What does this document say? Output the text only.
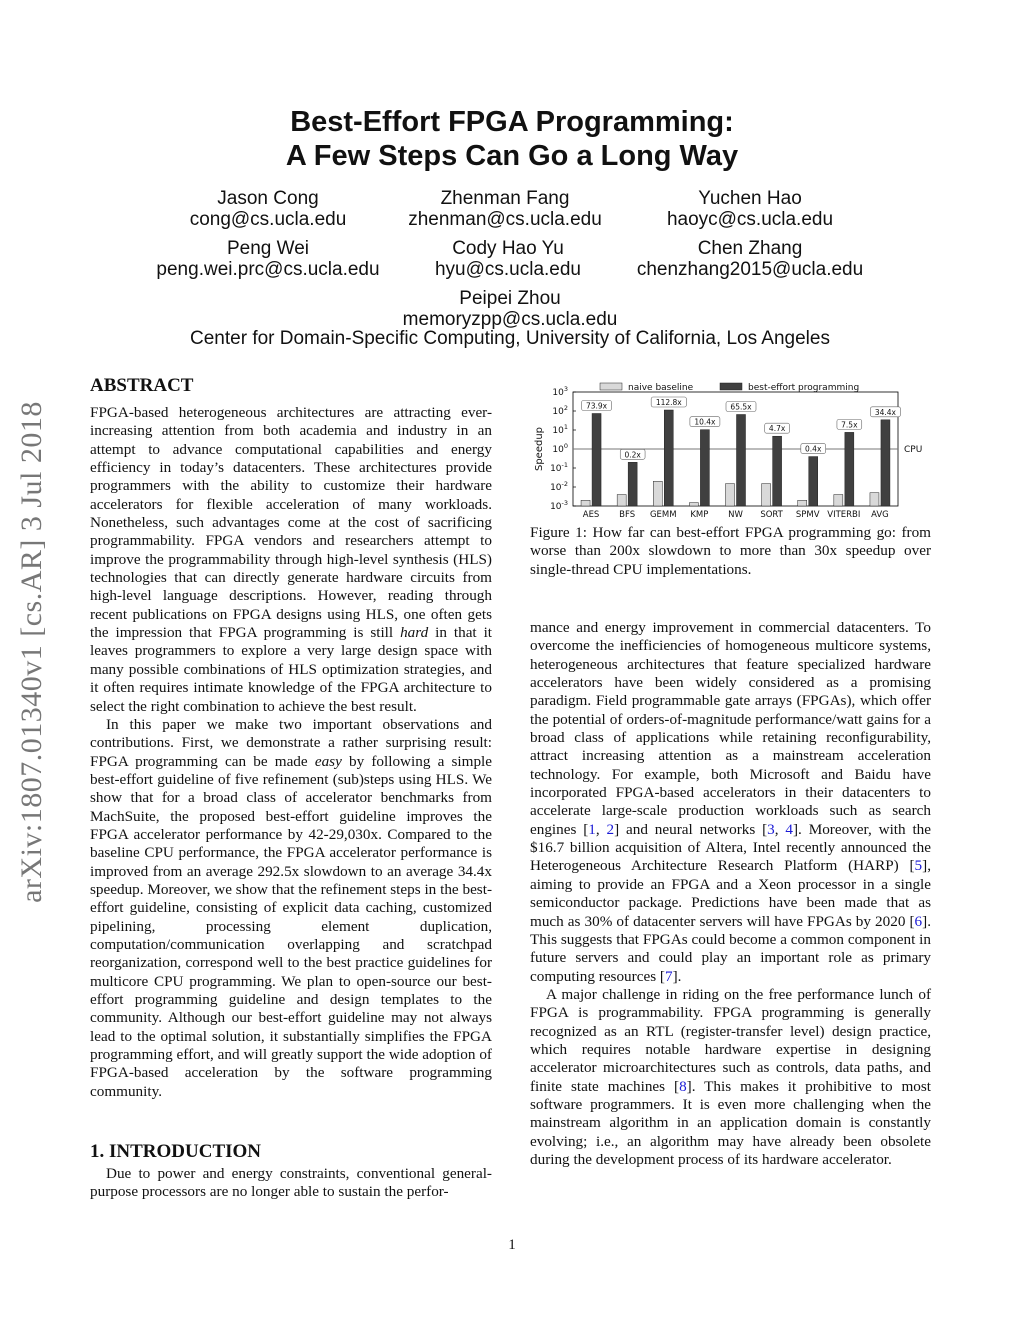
Best-Effort FPGA Programming:
A Few Steps Can Go a Long Way
Jason Cong
cong@cs.ucla.edu
Zhenman Fang
zhenman@cs.ucla.edu
Yuchen Hao
haoyc@cs.ucla.edu
Peng Wei
peng.wei.prc@cs.ucla.edu
Cody Hao Yu
hyu@cs.ucla.edu
Chen Zhang
chenzhang2015@ucla.edu
Peipei Zhou
memoryzpp@cs.ucla.edu
Center for Domain-Specific Computing, University of California, Los Angeles
arXiv:1807.01340v1 [cs.AR] 3 Jul 2018
ABSTRACT

FPGA-based heterogeneous architectures are attracting ever-increasing attention from both academia and industry in an attempt to advance computational capabilities and energy efficiency in today’s datacenters. These architectures provide programmers with the ability to customize their hardware accelerators for flexible acceleration of many workloads. Nonetheless, such advantages come at the cost of sacrificing programmability. FPGA vendors and researchers attempt to improve the programmability through high-level synthesis (HLS) technologies that can directly generate hardware circuits from high-level language descriptions. However, reading through recent publications on FPGA designs using HLS, one often gets the impression that FPGA programming is still hard in that it leaves programmers to explore a very large design space with many possible combinations of HLS optimization strategies, and it often requires intimate knowledge of the FPGA architecture to select the right combination to achieve the best result.

In this paper we make two important observations and contributions. First, we demonstrate a rather surprising result: FPGA programming can be made easy by following a simple best-effort guideline of five refinement (sub)steps using HLS. We show that for a broad class of accelerator benchmarks from MachSuite, the proposed best-effort guideline improves the FPGA accelerator performance by 42-29,030x. Compared to the baseline CPU performance, the FPGA accelerator performance is improved from an average 292.5x slowdown to an average 34.4x speedup. Moreover, we show that the refinement steps in the best-effort guideline, consisting of explicit data caching, customized pipelining, processing element duplication, computation/communication overlapping and scratchpad reorganization, correspond well to the best practice guidelines for multicore CPU programming. We plan to open-source our best-effort programming guideline and design templates to the community. Although our best-effort guideline may not always lead to the optimal solution, it substantially simplifies the FPGA programming effort, and will greatly support the wide adoption of FPGA-based acceleration by the software programming community.

1. INTRODUCTION
Due to power and energy constraints, conventional general-purpose processors are no longer able to sustain the perfor-
$10^{-3}$
$10^{-2}$
$10^{-1}$
$10^0$
$10^1$
$10^2$
$10^3$
Speedup	CPU
73.9x
AES
0.2x
BFS
112.8x
GEMM
10.4x
KMP
65.5x
NW
4.7x
SORT
0.4x
SPMV
7.5x
VITERBI
34.4x
AVG
naive baseline	best-effort programming
Figure 1: How far can best-effort FPGA programming go: from worse than 200x slowdown to more than 30x speedup over single-thread CPU implementations.

mance and energy improvement in commercial datacenters. To overcome the inefficiencies of homogeneous multicore systems, heterogeneous architectures that feature specialized hardware accelerators have been widely considered as a promising paradigm. Field programmable gate arrays (FPGAs), which offer the potential of orders-of-magnitude performance/watt gains for a broad class of applications while retaining reconfigurability, attract increasing attention as a mainstream acceleration technology. For example, both Microsoft and Baidu have incorporated FPGA-based accelerators in their datacenters to accelerate large-scale production workloads such as search engines [1, 2] and neural networks [3, 4]. Moreover, with the $16.7 billion acquisition of Altera, Intel recently announced the Heterogeneous Architecture Research Platform (HARP) [5], aiming to provide an FPGA and a Xeon processor in a single semiconductor package. Predictions have been made that as much as 30% of datacenter servers will have FPGAs by 2020 [6]. This suggests that FPGAs could become a common component in future servers and could play an important role as primary computing resources [7].

A major challenge in riding on the free performance lunch of FPGA is programmability. FPGA programming is generally recognized as an RTL (register-transfer level) design practice, which requires notable hardware expertise in designing accelerator microarchitectures such as controls, data paths, and finite state machines [8]. This makes it prohibitive to most software programmers. It is even more challenging when the mainstream algorithm in an application domain is constantly evolving; i.e., an algorithm may have already been obsolete during the development process of its hardware accelerator.

1
